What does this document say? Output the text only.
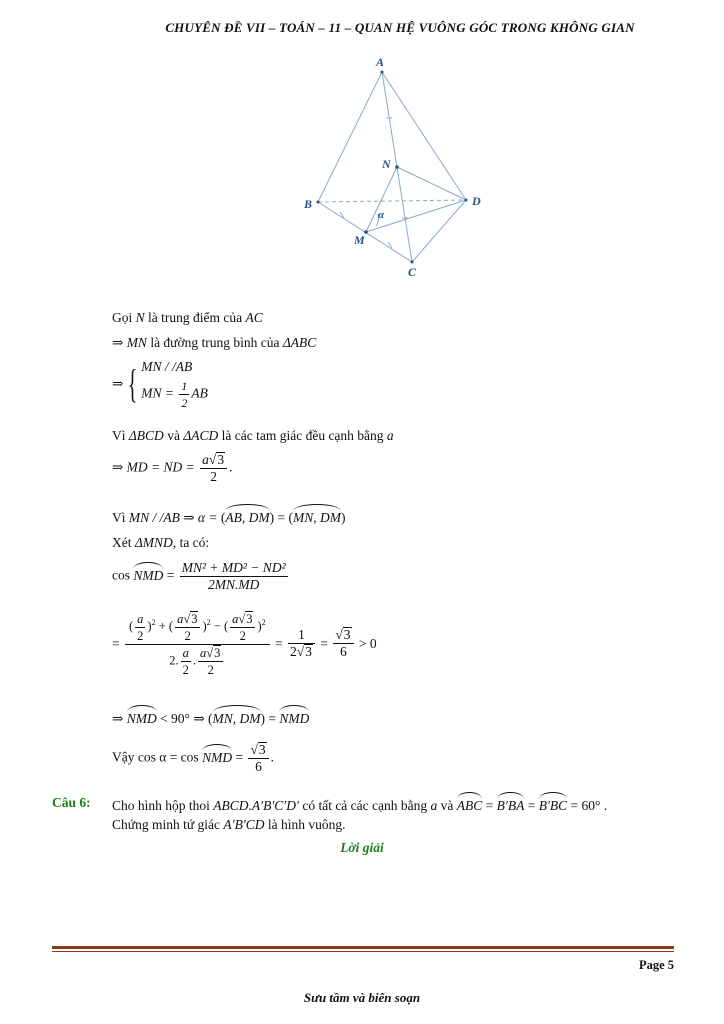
CHUYÊN ĐỀ VII – TOÁN – 11 – QUAN HỆ VUÔNG GÓC TRONG KHÔNG GIAN
A
B
C
D
N
M
α
Gọi N là trung điểm của AC
⇒ MN là đường trung bình của ΔABC
⇒ { MN / /AB
MN = $\frac{1}{2}$ AB
Vì ΔBCD và ΔACD là các tam giác đều cạnh bằng a
⇒ MD = ND = $\frac{a√3}{2}$ .
Vì MN / /AB ⇒ α = (AB, DM) = (MN, DM)
Xét ΔMND, ta có:
cos NMD = $\frac{\text{MN² + MD² − ND²}}{2MN.MD}$
= $\frac{( \frac{a}{2} )^2 + ( \frac{a√3}{2} )^2 - ( \frac{a√3}{2} )^2}{2. \frac{a}{2} . \frac{a√3}{2}} = \frac{1}{2√3} = \frac{√3}{6} > 0$
⇒ NMD < 90° ⇒ (MN, DM) = NMD
Vậy cos α = cos NMD = $\frac{√3}{6}$ .
Câu 6: Cho hình hộp thoi ABCD.A′B′C′D′ có tất cả các cạnh bằng a và ABC = B′BA = B′BC = 60° .
Chứng minh tứ giác A′B′CD là hình vuông.
Lời giải
Page 5
Sưu tầm và biên soạn
